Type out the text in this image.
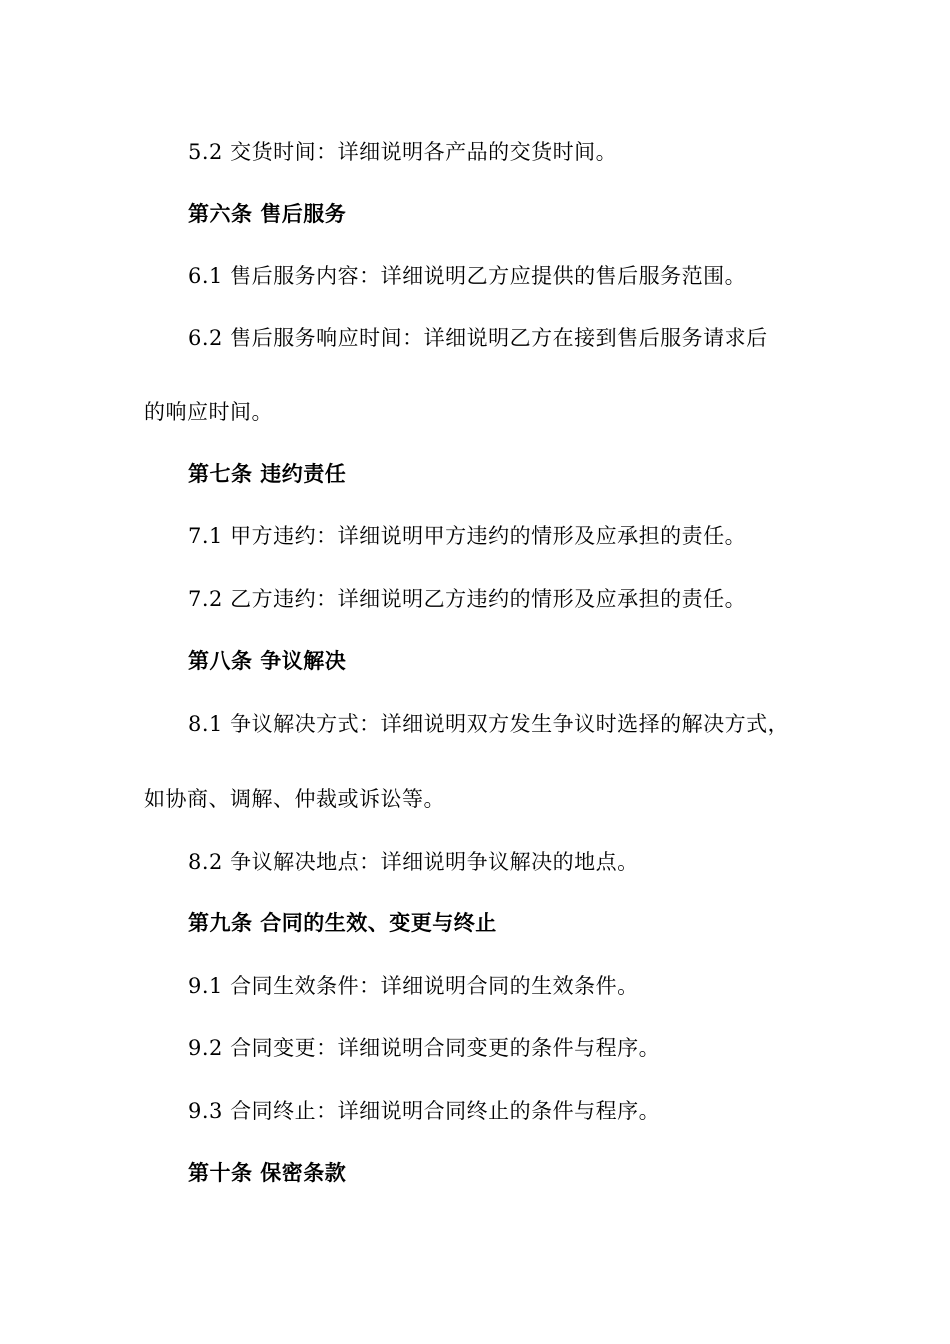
5.2 交货时间：详细说明各产品的交货时间。
第六条 售后服务
6.1 售后服务内容：详细说明乙方应提供的售后服务范围。
6.2 售后服务响应时间：详细说明乙方在接到售后服务请求后
的响应时间。
第七条 违约责任
7.1 甲方违约：详细说明甲方违约的情形及应承担的责任。
7.2 乙方违约：详细说明乙方违约的情形及应承担的责任。
第八条 争议解决
8.1 争议解决方式：详细说明双方发生争议时选择的解决方式，
如协商、调解、仲裁或诉讼等。
8.2 争议解决地点：详细说明争议解决的地点。
第九条 合同的生效、变更与终止
9.1 合同生效条件：详细说明合同的生效条件。
9.2 合同变更：详细说明合同变更的条件与程序。
9.3 合同终止：详细说明合同终止的条件与程序。
第十条 保密条款
